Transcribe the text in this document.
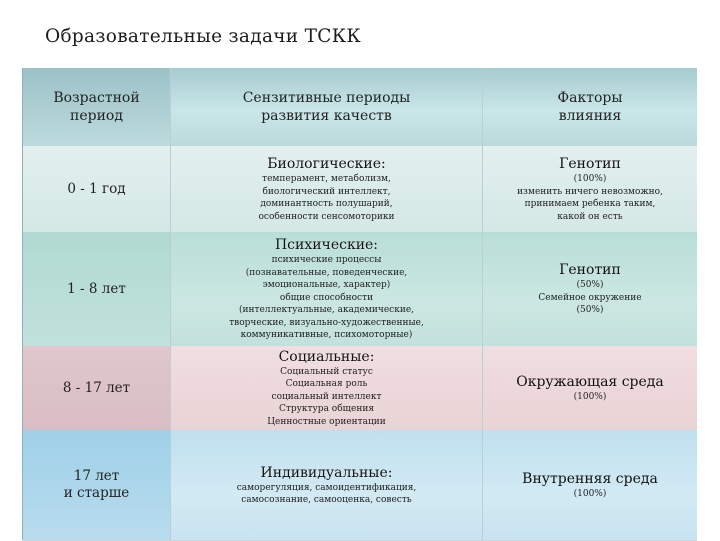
Образовательные задачи ТСКК
Возрастной
период
Сензитивные периоды
развития качеств
Факторы
влияния
0 - 1 год
Биологические:
темперамент, метаболизм,
биологический интеллект,
доминантность полушарий,
особенности сенсомоторики
Генотип
(100%)
изменить ничего невозможно,
принимаем ребенка таким,
какой он есть
1 - 8 лет
Психические:
психические процессы
(познавательные, поведенческие,
эмоциональные, характер)
общие способности
(интеллектуальные, академические,
творческие, визуально-художественные,
коммуникативные, психомоторные)
Генотип
(50%)
Семейное окружение
(50%)
8 - 17 лет
Социальные:
Социальный статус
Социальная роль
социальный интеллект
Структура общения
Ценностные ориентации
Окружающая среда
(100%)
17 лет
и старше
Индивидуальные:
саморегуляция, самоидентификация,
самосознание, самооценка, совесть
Внутренняя среда
(100%)
